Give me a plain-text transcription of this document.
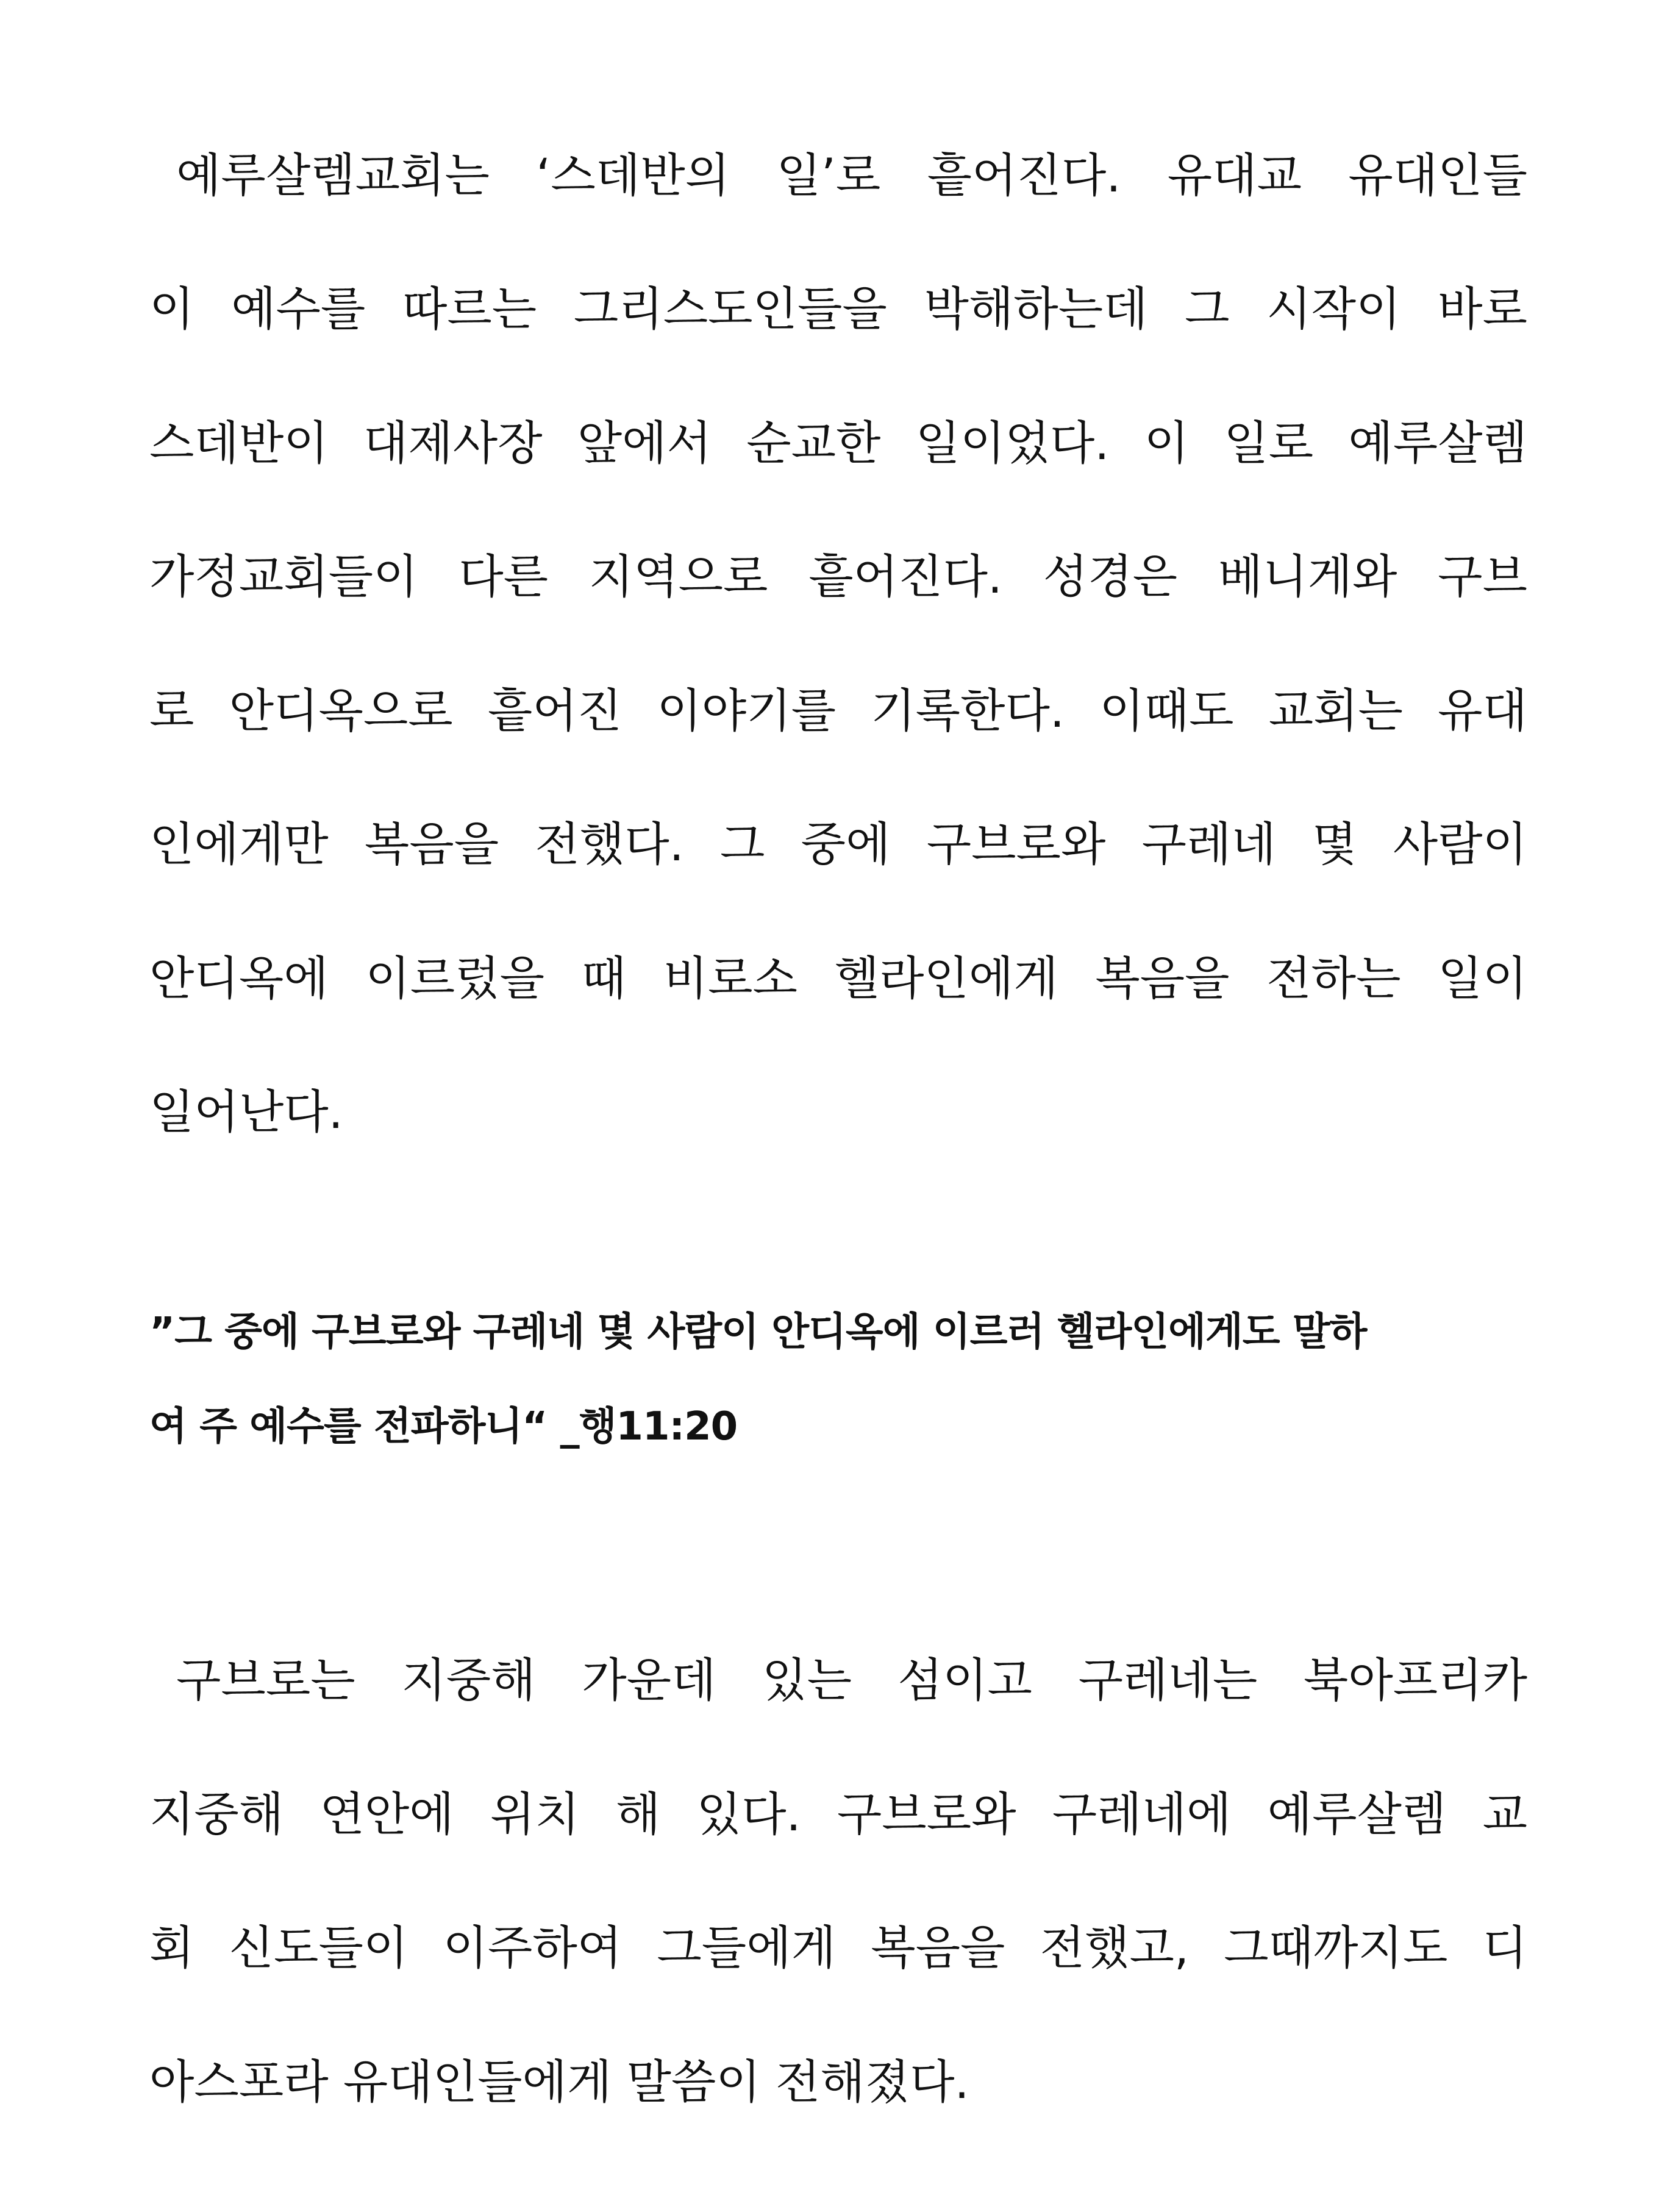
예루살렘교회는 ‘스데반의 일’로 흩어진다. 유대교 유대인들
이 예수를 따르는 그리스도인들을 박해하는데 그 시작이 바로
스데반이 대제사장 앞에서 순교한 일이었다. 이 일로 예루살렘
가정교회들이 다른 지역으로 흩어진다. 성경은 베니게와 구브
로 안디옥으로 흩어진 이야기를 기록한다. 이때도 교회는 유대
인에게만 복음을 전했다. 그 중에 구브로와 구레네 몇 사람이
안디옥에 이르렀을 때 비로소 헬라인에게 복음을 전하는 일이
일어난다.
”그 중에 구브로와 구레네 몇 사람이 안디옥에 이르러 헬라인에게도 말하
여 주 예수를 전파하니“ _행11:20
구브로는 지중해 가운데 있는 섬이고 구레네는 북아프리카
지중해 연안에 위치 해 있다. 구브로와 구레네에 예루살렘 교
회 신도들이 이주하여 그들에게 복음을 전했고, 그때까지도 디
아스포라 유대인들에게 말씀이 전해졌다.
